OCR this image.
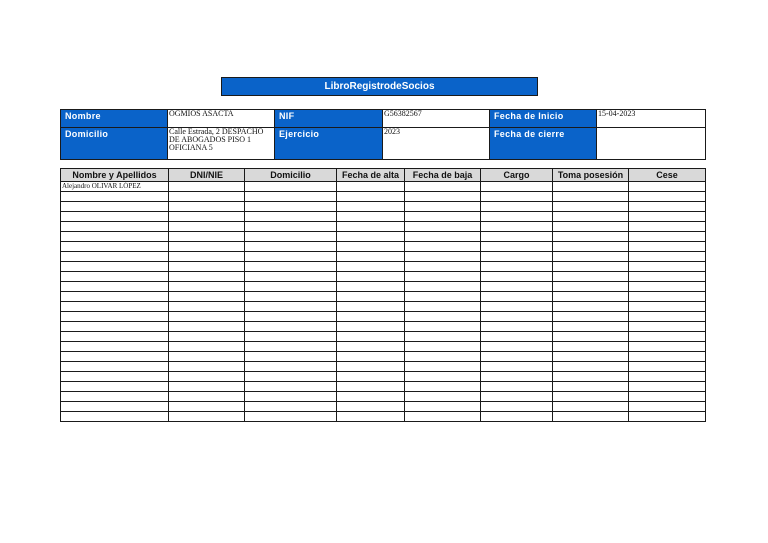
LibroRegistrodeSocios
Nombre	OGMIOS ASACTA	NIF	G56382567	Fecha de Inicio	15-04-2023
Domicilio	Calle Estrada, 2 DESPACHO DE ABOGADOS PISO 1 OFICIANA 5	Ejercicio	2023	Fecha de cierre	
Nombre y Apellidos	DNI/NIE	Domicilio	Fecha de alta	Fecha de baja	Cargo	Toma posesión	Cese
Alejandro OLIVAR LÓPEZ							
